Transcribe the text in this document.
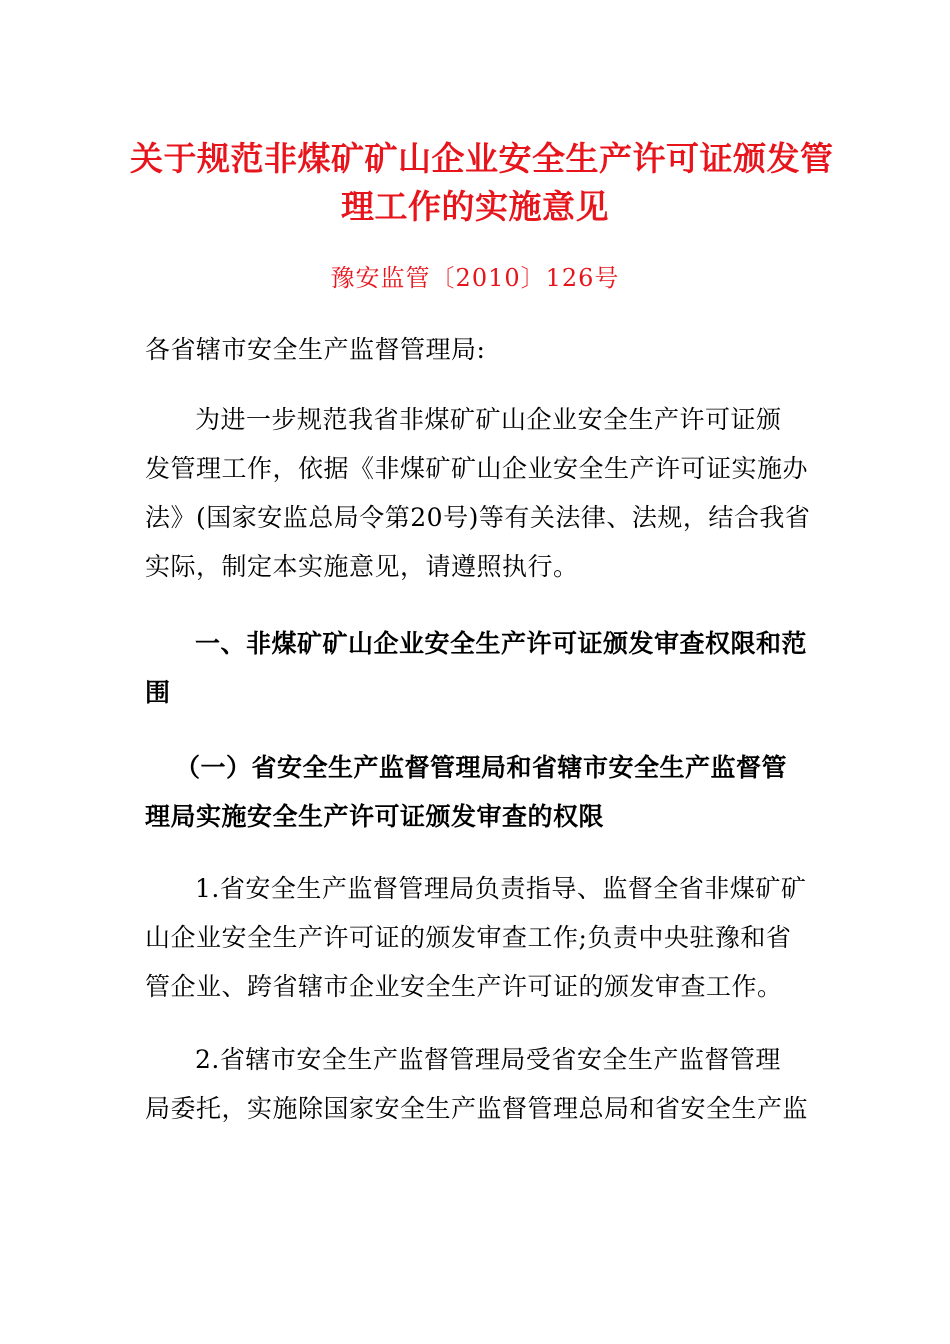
关于规范非煤矿矿山企业安全生产许可证颁发管
理工作的实施意见
豫安监管〔2010〕126号
各省辖市安全生产监督管理局:
为进一步规范我省非煤矿矿山企业安全生产许可证颁
发管理工作，依据《非煤矿矿山企业安全生产许可证实施办
法》(国家安监总局令第20号)等有关法律、法规，结合我省
实际，制定本实施意见，请遵照执行。
一、非煤矿矿山企业安全生产许可证颁发审查权限和范
围
（一）省安全生产监督管理局和省辖市安全生产监督管
理局实施安全生产许可证颁发审查的权限
1.省安全生产监督管理局负责指导、监督全省非煤矿矿
山企业安全生产许可证的颁发审查工作;负责中央驻豫和省
管企业、跨省辖市企业安全生产许可证的颁发审查工作。
2.省辖市安全生产监督管理局受省安全生产监督管理
局委托，实施除国家安全生产监督管理总局和省安全生产监
